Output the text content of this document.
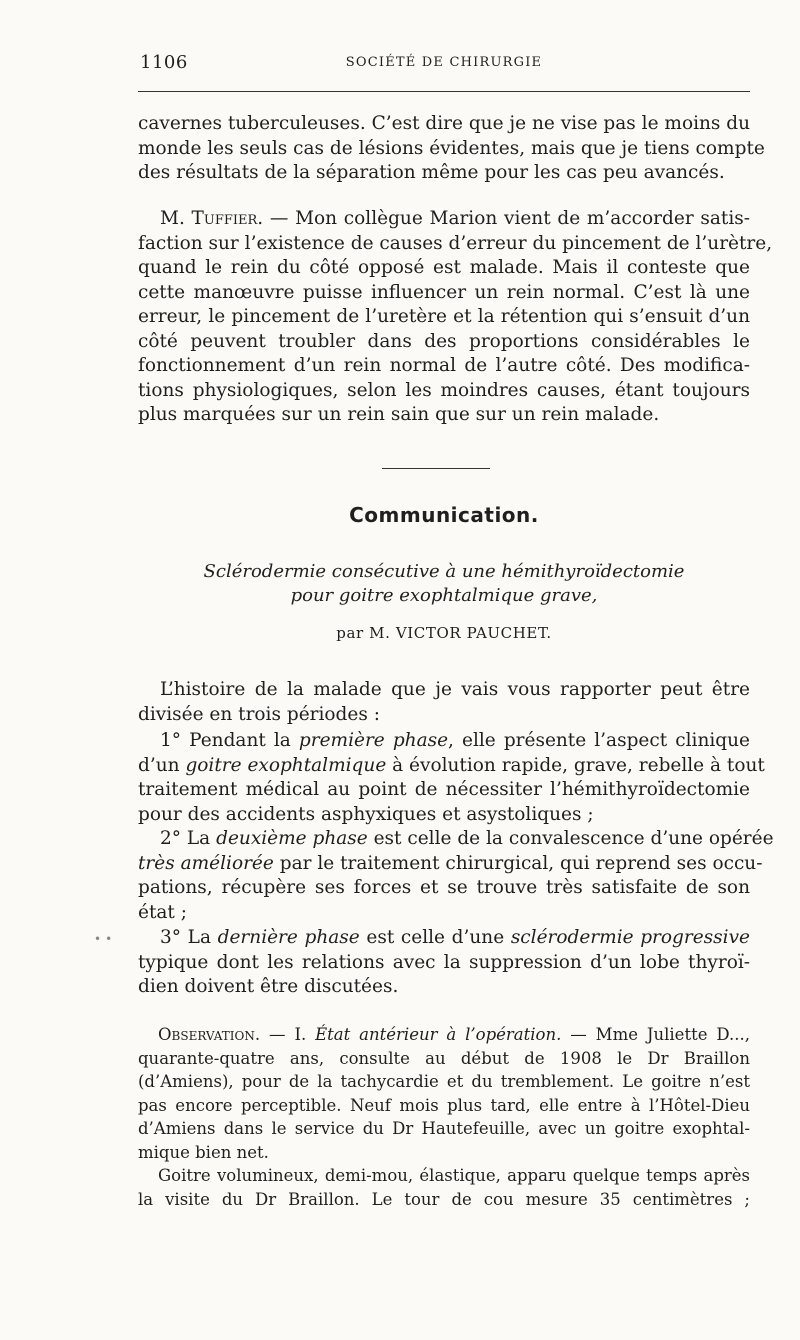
1106	SOCIÉTÉ DE CHIRURGIE
cavernes tuberculeuses. C’est dire que je ne vise pas le moins du
monde les seuls cas de lésions évidentes, mais que je tiens compte
des résultats de la séparation même pour les cas peu avancés.
M. Tuffier. — Mon collègue Marion vient de m’accorder satis-
faction sur l’existence de causes d’erreur du pincement de l’urètre,
quand le rein du côté opposé est malade. Mais il conteste que
cette manœuvre puisse influencer un rein normal. C’est là une
erreur, le pincement de l’uretère et la rétention qui s’ensuit d’un
côté peuvent troubler dans des proportions considérables le
fonctionnement d’un rein normal de l’autre côté. Des modifica-
tions physiologiques, selon les moindres causes, étant toujours
plus marquées sur un rein sain que sur un rein malade.
Communication.
Sclérodermie consécutive à une hémithyroïdectomie
pour goitre exophtalmique grave,
par M. VICTOR PAUCHET.
L’histoire de la malade que je vais vous rapporter peut être
divisée en trois périodes :
1° Pendant la première phase, elle présente l’aspect clinique
d’un goitre exophtalmique à évolution rapide, grave, rebelle à tout
traitement médical au point de nécessiter l’hémithyroïdectomie
pour des accidents asphyxiques et asystoliques ;
2° La deuxième phase est celle de la convalescence d’une opérée
très améliorée par le traitement chirurgical, qui reprend ses occu-
pations, récupère ses forces et se trouve très satisfaite de son
état ;
••	3° La dernière phase est celle d’une sclérodermie progressive
typique dont les relations avec la suppression d’un lobe thyroï-
dien doivent être discutées.
Observation. — I. État antérieur à l’opération. — Mme Juliette D...,
quarante-quatre ans, consulte au début de 1908 le Dr Braillon
(d’Amiens), pour de la tachycardie et du tremblement. Le goitre n’est
pas encore perceptible. Neuf mois plus tard, elle entre à l’Hôtel-Dieu
d’Amiens dans le service du Dr Hautefeuille, avec un goitre exophtal-
mique bien net.
Goitre volumineux, demi-mou, élastique, apparu quelque temps après
la visite du Dr Braillon. Le tour de cou mesure 35 centimètres ;
